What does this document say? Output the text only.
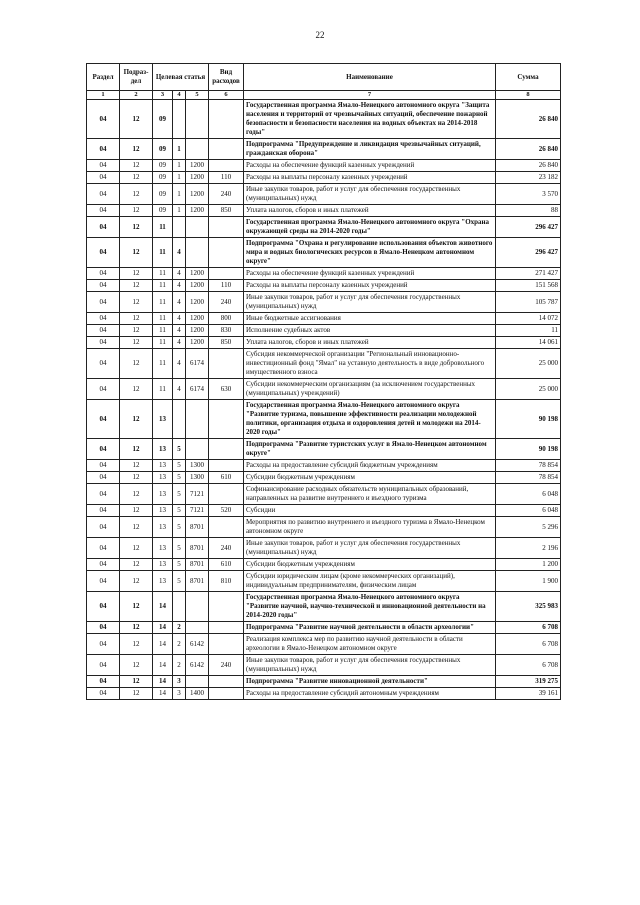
22
Раздел	Подраз-дел	Целевая статья			Вид расходов	Наименование	Сумма
1	2	3	4	5	6	7	8
04	12	09				Государственная программа Ямало-Ненецкого автономного округа "Защита населения и территорий от чрезвычайных ситуаций, обеспечение пожарной безопасности и безопасности населения на водных объектах на 2014-2018 годы"	26 840
04	12	09	1			Подпрограмма "Предупреждение и ликвидация чрезвычайных ситуаций, гражданская оборона"	26 840
04	12	09	1	1200		Расходы на обеспечение функций казенных учреждений	26 840
04	12	09	1	1200	110	Расходы на выплаты персоналу казенных учреждений	23 182
04	12	09	1	1200	240	Иные закупки товаров, работ и услуг для обеспечения государственных (муниципальных) нужд	3 570
04	12	09	1	1200	850	Уплата налогов, сборов и иных платежей	88
04	12	11				Государственная программа Ямало-Ненецкого автономного округа "Охрана окружающей среды на 2014-2020 годы"	296 427
04	12	11	4			Подпрограмма "Охрана и регулирование использования объектов животного мира и водных биологических ресурсов в Ямало-Ненецком автономном округе"	296 427
04	12	11	4	1200		Расходы на обеспечение функций казенных учреждений	271 427
04	12	11	4	1200	110	Расходы на выплаты персоналу казенных учреждений	151 568
04	12	11	4	1200	240	Иные закупки товаров, работ и услуг для обеспечения государственных (муниципальных) нужд	105 787
04	12	11	4	1200	800	Иные бюджетные ассигнования	14 072
04	12	11	4	1200	830	Исполнение судебных актов	11
04	12	11	4	1200	850	Уплата налогов, сборов и иных платежей	14 061
04	12	11	4	6174		Субсидия некоммерческой организации "Региональный инновационно-инвестиционный фонд "Ямал" на уставную деятельность в виде добровольного имущественного взноса	25 000
04	12	11	4	6174	630	Субсидии некоммерческим организациям (за исключением государственных (муниципальных) учреждений)	25 000
04	12	13				Государственная программа Ямало-Ненецкого автономного округа "Развитие туризма, повышение эффективности реализации молодежной политики, организация отдыха и оздоровления детей и молодежи на 2014-2020 годы"	90 198
04	12	13	5			Подпрограмма "Развитие туристских услуг в Ямало-Ненецком автономном округе"	90 198
04	12	13	5	1300		Расходы на предоставление субсидий бюджетным учреждениям	78 854
04	12	13	5	1300	610	Субсидии бюджетным учреждениям	78 854
04	12	13	5	7121		Софинансирование расходных обязательств муниципальных образований, направленных на развитие внутреннего и въездного туризма	6 048
04	12	13	5	7121	520	Субсидии	6 048
04	12	13	5	8701		Мероприятия по развитию внутреннего и въездного туризма в Ямало-Ненецком автономном округе	5 296
04	12	13	5	8701	240	Иные закупки товаров, работ и услуг для обеспечения государственных (муниципальных) нужд	2 196
04	12	13	5	8701	610	Субсидии бюджетным учреждениям	1 200
04	12	13	5	8701	810	Субсидии юридическим лицам (кроме некоммерческих организаций), индивидуальным предпринимателям, физическим лицам	1 900
04	12	14				Государственная программа Ямало-Ненецкого автономного округа "Развитие научной, научно-технической и инновационной деятельности на 2014-2020 годы"	325 983
04	12	14	2			Подпрограмма "Развитие научной деятельности в области археологии"	6 708
04	12	14	2	6142		Реализация комплекса мер по развитию научной деятельности в области археологии в Ямало-Ненецком автономном округе	6 708
04	12	14	2	6142	240	Иные закупки товаров, работ и услуг для обеспечения государственных (муниципальных) нужд	6 708
04	12	14	3			Подпрограмма "Развитие инновационной деятельности"	319 275
04	12	14	3	1400		Расходы на предоставление субсидий автономным учреждениям	39 161
